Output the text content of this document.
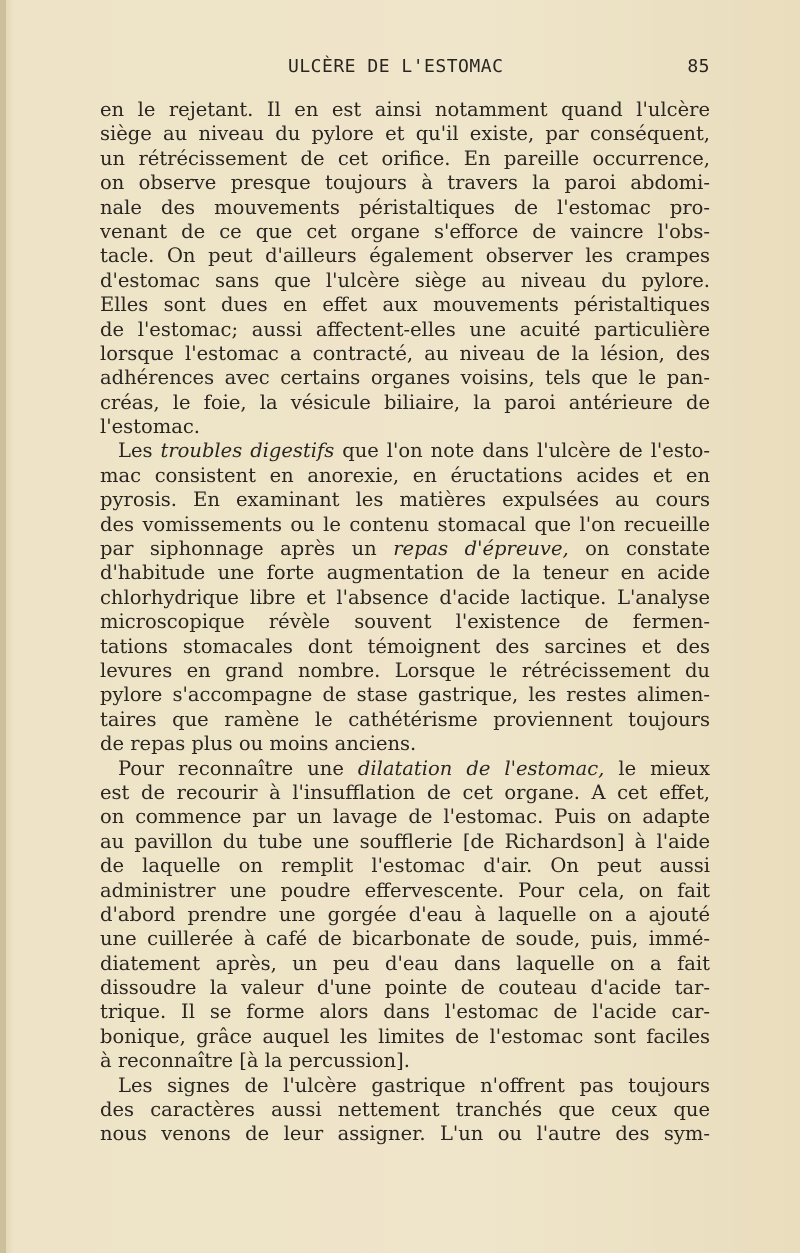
ULCÈRE DE L'ESTOMAC	85
en le rejetant. Il en est ainsi notamment quand l'ulcère
siège au niveau du pylore et qu'il existe, par conséquent,
un rétrécissement de cet orifice. En pareille occurrence,
on observe presque toujours à travers la paroi abdomi-
nale des mouvements péristaltiques de l'estomac pro-
venant de ce que cet organe s'efforce de vaincre l'obs-
tacle. On peut d'ailleurs également observer les crampes
d'estomac sans que l'ulcère siège au niveau du pylore.
Elles sont dues en effet aux mouvements péristaltiques
de l'estomac; aussi affectent-elles une acuité particulière
lorsque l'estomac a contracté, au niveau de la lésion, des
adhérences avec certains organes voisins, tels que le pan-
créas, le foie, la vésicule biliaire, la paroi antérieure de
l'estomac.
Les troubles digestifs que l'on note dans l'ulcère de l'esto-
mac consistent en anorexie, en éructations acides et en
pyrosis. En examinant les matières expulsées au cours
des vomissements ou le contenu stomacal que l'on recueille
par siphonnage après un repas d'épreuve, on constate
d'habitude une forte augmentation de la teneur en acide
chlorhydrique libre et l'absence d'acide lactique. L'analyse
microscopique révèle souvent l'existence de fermen-
tations stomacales dont témoignent des sarcines et des
levures en grand nombre. Lorsque le rétrécissement du
pylore s'accompagne de stase gastrique, les restes alimen-
taires que ramène le cathétérisme proviennent toujours
de repas plus ou moins anciens.
Pour reconnaître une dilatation de l'estomac, le mieux
est de recourir à l'insufflation de cet organe. A cet effet,
on commence par un lavage de l'estomac. Puis on adapte
au pavillon du tube une soufflerie [de Richardson] à l'aide
de laquelle on remplit l'estomac d'air. On peut aussi
administrer une poudre effervescente. Pour cela, on fait
d'abord prendre une gorgée d'eau à laquelle on a ajouté
une cuillerée à café de bicarbonate de soude, puis, immé-
diatement après, un peu d'eau dans laquelle on a fait
dissoudre la valeur d'une pointe de couteau d'acide tar-
trique. Il se forme alors dans l'estomac de l'acide car-
bonique, grâce auquel les limites de l'estomac sont faciles
à reconnaître [à la percussion].
Les signes de l'ulcère gastrique n'offrent pas toujours
des caractères aussi nettement tranchés que ceux que
nous venons de leur assigner. L'un ou l'autre des sym-
